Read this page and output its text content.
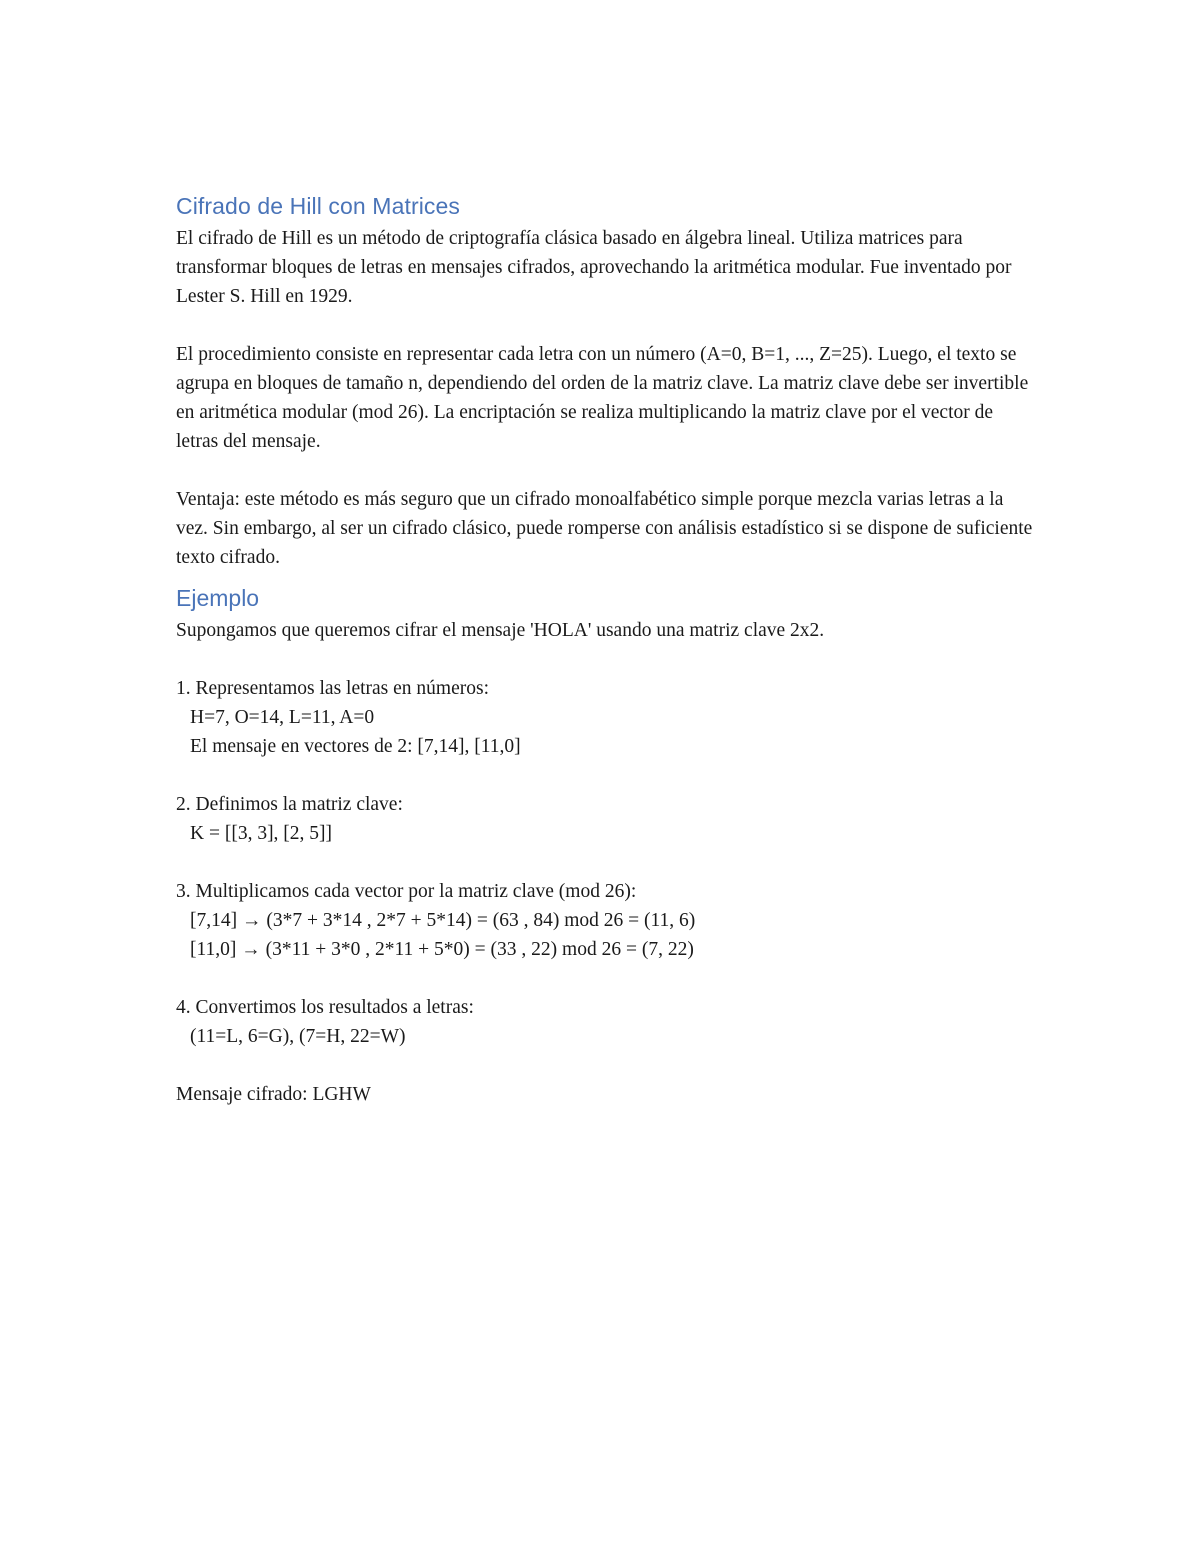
Cifrado de Hill con Matrices

El cifrado de Hill es un método de criptografía clásica basado en álgebra lineal. Utiliza matrices para transformar bloques de letras en mensajes cifrados, aprovechando la aritmética modular. Fue inventado por Lester S. Hill en 1929.

El procedimiento consiste en representar cada letra con un número (A=0, B=1, ..., Z=25). Luego, el texto se agrupa en bloques de tamaño n, dependiendo del orden de la matriz clave. La matriz clave debe ser invertible en aritmética modular (mod 26). La encriptación se realiza multiplicando la matriz clave por el vector de letras del mensaje.

Ventaja: este método es más seguro que un cifrado monoalfabético simple porque mezcla varias letras a la vez. Sin embargo, al ser un cifrado clásico, puede romperse con análisis estadístico si se dispone de suficiente texto cifrado.

Ejemplo

Supongamos que queremos cifrar el mensaje 'HOLA' usando una matriz clave 2x2.

1. Representamos las letras en números:

H=7, O=14, L=11, A=0

El mensaje en vectores de 2: [7,14], [11,0]

2. Definimos la matriz clave:

K = [[3, 3], [2, 5]]

3. Multiplicamos cada vector por la matriz clave (mod 26):

[7,14] → (3*7 + 3*14 , 2*7 + 5*14) = (63 , 84) mod 26 = (11, 6)

[11,0] → (3*11 + 3*0 , 2*11 + 5*0) = (33 , 22) mod 26 = (7, 22)

4. Convertimos los resultados a letras:

(11=L, 6=G), (7=H, 22=W)

Mensaje cifrado: LGHW
